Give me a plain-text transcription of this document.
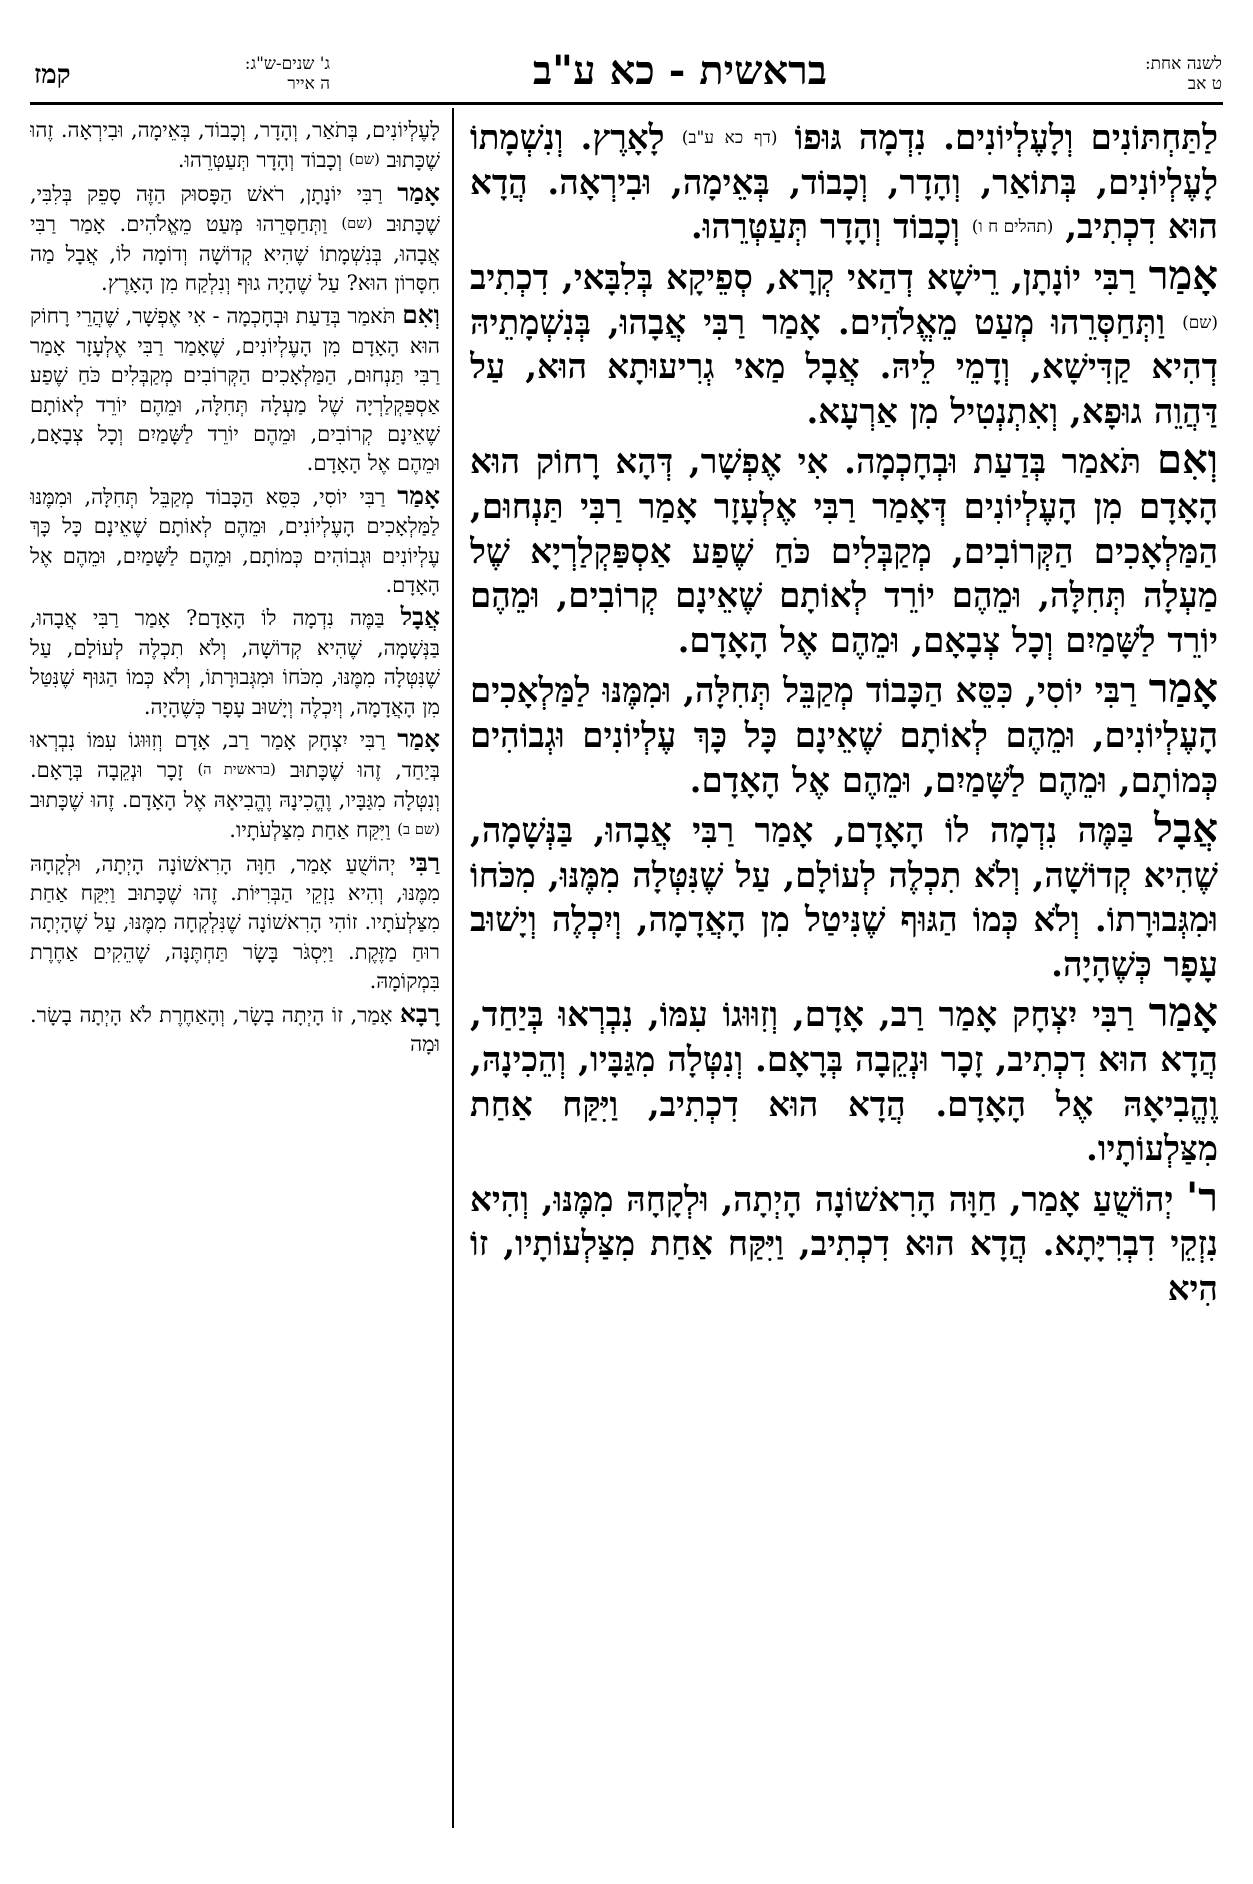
ג' שנים-ש"ג:
ה אייר
קמז	בראשית - כא ע"ב	לשנה אחת:
ט אב

לַתַּחְתּוֹנִים וְלָעֶלְיוֹנִים. נִדְמָה גּוּפוֹ (דף כא ע"ב) לָאָרֶץ. וְנִשְׁמָתוֹ לָעֶלְיוֹנִים, בְּתוֹאַר, וְהָדָר, וְכָבוֹד, בְּאֵימָה, וּבִירְאָה. הֲדָא הוּא דִכְתִיב, (תהלים ח ו) וְכָבוֹד וְהָדָר תְּעַטְּרֵהוּ.

אָמַר רַבִּי יוֹנָתָן, רֵישָׁא דְהַאי קְרָא, סְפֵיקָא בְּלִבָּאי, דִכְתִיב (שם) וַתְּחַסְּרֵהוּ מְעַט מֵאֱלֹהִים. אָמַר רַבִּי אֲבָהוּ, בְּנִשְׁמָתֵיהּ דְהִיא קַדִּישָׁא, וְדָמֵי לֵיהּ. אֲבָל מַאי גְרִיעוּתָא הוּא, עַל דַּהֲוֵה גוּפָא, וְאִתְנְטִיל מִן אַרְעָא.

וְאִם תֹּאמַר בְּדַעַת וּבְחָכְמָה. אִי אֶפְשָׁר, דְּהָא רָחוֹק הוּא הָאָדָם מִן הָעֶלְיוֹנִים דְּאָמַר רַבִּי אֶלְעָזָר אָמַר רַבִּי תַּנְחוּם, הַמַּלְאָכִים הַקְּרוֹבִים, מְקַבְּלִים כֹּחַ שֶׁפַע אַסְפַּקְלַרְיָא שֶׁל מַעְלָה תְּחִלָּה, וּמֵהֶם יוֹרֵד לְאוֹתָם שֶׁאֵינָם קְרוֹבִים, וּמֵהֶם יוֹרֵד לַשָּׁמַיִם וְכָל צְבָאָם, וּמֵהֶם אֶל הָאָדָם.

אָמַר רַבִּי יוֹסִי, כִּסֵּא הַכָּבוֹד מְקַבֵּל תְּחִלָּה, וּמִמֶּנּוּ לַמַּלְאָכִים הָעֶלְיוֹנִים, וּמֵהֶם לְאוֹתָם שֶׁאֵינָם כָּל כָּךְ עֶלְיוֹנִים וּגְבוֹהִים כְּמוֹתָם, וּמֵהֶם לַשָּׁמַיִם, וּמֵהֶם אֶל הָאָדָם.

אֲבָל בַּמֶּה נִדְמָה לוֹ הָאָדָם, אָמַר רַבִּי אֲבָהוּ, בַּנְּשָׁמָה, שֶׁהִיא קְדוֹשָׁה, וְלֹא תִכְלֶה לְעוֹלָם, עַל שֶׁנִּטְּלָה מִמֶּנּוּ, מִכֹּחוֹ וּמִגְּבוּרָתוֹ. וְלֹא כְּמוֹ הַגּוּף שֶׁנִּיטַל מִן הָאֲדָמָה, וְיִכְלֶה וְיָשׁוּב עָפָר כְּשֶׁהָיָה.

אָמַר רַבִּי יִצְחָק אָמַר רַב, אָדָם, וְזִוּוּגוֹ עִמּוֹ, נִבְרְאוּ בְּיַחַד, הֲדָא הוּא דִכְתִיב, זָכָר וּנְקֵבָה בְּרָאָם. וְנִטְּלָה מִגַּבָּיו, וְהֵכִינָהּ, וֶהֱבִיאָהּ אֶל הָאָדָם. הֲדָא הוּא דִכְתִיב, וַיִּקַּח אַחַת מִצַּלְעוֹתָיו.

ר' יְהוֹשֻׁעַ אָמַר, חַוָּה הָרִאשׁוֹנָה הָיְתָה, וּלְקָחָהּ מִמֶּנּוּ, וְהִיא נִזְקֵי דִבְרִיָּתָא. הֲדָא הוּא דִכְתִיב, וַיִּקַּח אַחַת מִצַּלְעוֹתָיו, זוֹ הִיא

לָעֶלְיוֹנִים, בְּתֹאַר, וְהָדָר, וְכָבוֹד, בְּאֵימָה, וּבִירְאָה. זֶהוּ שֶׁכָּתוּב (שם) וְכָבוֹד וְהָדָר תְּעַטְּרֵהוּ.

אָמַר רַבִּי יוֹנָתָן, רֹאשׁ הַפָּסוּק הַזֶּה סָפֵק בְּלִבִּי, שֶׁכָּתוּב (שם) וַתְּחַסְּרֵהוּ מְּעַט מֵאֱלֹהִים. אָמַר רַבִּי אֲבָהוּ, בְּנִשְׁמָתוֹ שֶׁהִיא קְדוֹשָׁה וְדוֹמָה לוֹ, אֲבָל מַה חִסָּרוֹן הוּא? עַל שֶׁהָיָה גוּף וְנִלְקַח מִן הָאָרֶץ.

וְאִם תֹּאמַר בְּדַעַת וּבְחָכְמָה - אִי אֶפְשָׁר, שֶׁהֲרֵי רָחוֹק הוּא הָאָדָם מִן הָעֶלְיוֹנִים, שֶׁאָמַר רַבִּי אֶלְעָזָר אָמַר רַבִּי תַּנְחוּם, הַמַּלְאָכִים הַקְּרוֹבִים מְקַבְּלִים כֹּחַ שֶׁפַע אַסְפַּקְלַרְיָה שֶׁל מַעְלָה תְּחִלָּה, וּמֵהֶם יוֹרֵד לְאוֹתָם שֶׁאֵינָם קְרוֹבִים, וּמֵהֶם יוֹרֵד לַשָּׁמַיִם וְכָל צְבָאָם, וּמֵהֶם אֶל הָאָדָם.

אָמַר רַבִּי יוֹסִי, כִּסֵּא הַכָּבוֹד מְקַבֵּל תְּחִלָּה, וּמִמֶּנּוּ לַמַּלְאָכִים הָעֶלְיוֹנִים, וּמֵהֶם לְאוֹתָם שֶׁאֵינָם כָּל כָּךְ עֶלְיוֹנִים וּגְבוֹהִים כְּמוֹתָם, וּמֵהֶם לַשָּׁמַיִם, וּמֵהֶם אֶל הָאָדָם.

אֲבָל בַּמֶּה נִדְמָה לוֹ הָאָדָם? אָמַר רַבִּי אֲבָהוּ, בַּנְּשָׁמָה, שֶׁהִיא קְדוֹשָׁה, וְלֹא תִכְלֶה לְעוֹלָם, עַל שֶׁנִּטְּלָה מִמֶּנּוּ, מִכֹּחוֹ וּמִגְּבוּרָתוֹ, וְלֹא כְּמוֹ הַגּוּף שֶׁנִּטַּל מִן הָאֲדָמָה, וְיִכְלֶה וְיָשׁוּב עָפָר כְּשֶׁהָיָה.

אָמַר רַבִּי יִצְחָק אָמַר רַב, אָדָם וְזִוּוּגוֹ עִמּוֹ נִבְרְאוּ בְּיַחַד, זֶהוּ שֶׁכָּתוּב (בראשית ה) זָכָר וּנְקֵבָה בְּרָאָם. וְנִטְּלָה מִגַּבָּיו, וֶהֱכִינָהּ וֶהֱבִיאָהּ אֶל הָאָדָם. זֶהוּ שֶׁכָּתוּב (שם ב) וַיִּקַּח אַחַת מִצַּלְעֹתָיו.

רַבִּי יְהוֹשֻׁעַ אָמַר, חַוָּה הָרִאשׁוֹנָה הָיְתָה, וּלְקָחָהּ מִמֶּנּוּ, וְהִיא נִזְקֵי הַבְּרִיּוֹת. זֶהוּ שֶׁכָּתוּב וַיִּקַּח אַחַת מִצַּלְעֹתָיו. זוֹהִי הָרִאשׁוֹנָה שֶׁנִּלְקְחָה מִמֶּנּוּ, עַל שֶׁהָיְתָה רוּחַ מַזֶּקֶת. וַיִּסְגֹּר בָּשָׂר תַּחְתֶּנָּה, שֶׁהֵקִים אַחֶרֶת בִּמְקוֹמָהּ.

רָבָא אָמַר, זוֹ הָיְתָה בָשָׂר, וְהָאַחֶרֶת לֹא הָיְתָה בָשָׂר. וּמָה
